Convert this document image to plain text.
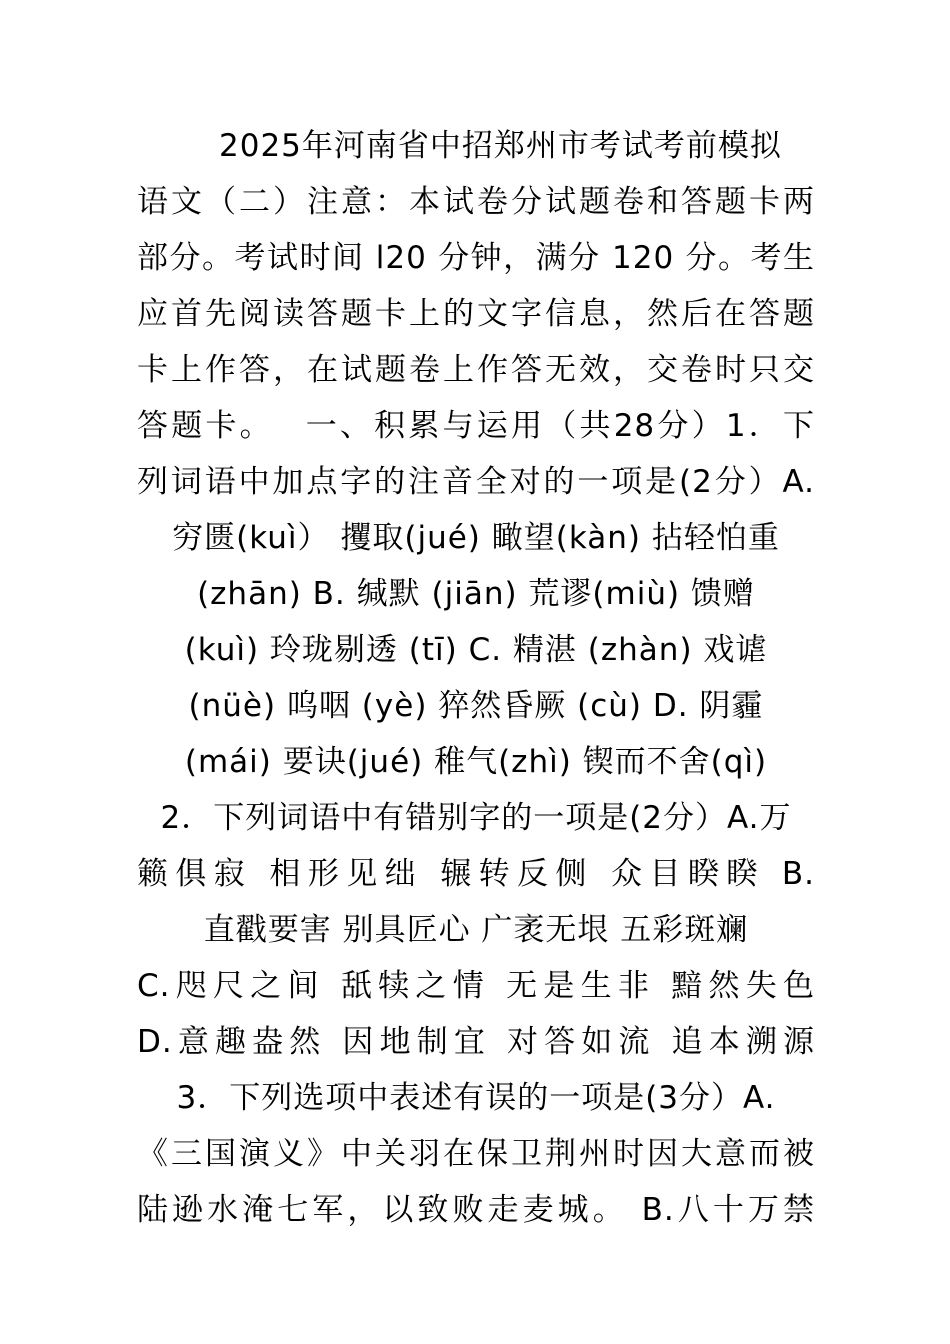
2025年河南省中招郑州市考试考前模拟
语文（二）注意：本试卷分试题卷和答题卡两
部分。考试时间 l20 分钟，满分 120 分。考生
应首先阅读答题卡上的文字信息，然后在答题
卡上作答，在试题卷上作答无效，交卷时只交
答题卡。　 一、积累与运用（共28分）1．下
列词语中加点字的注音全对的一项是(2分）A.
穷匮(kuì） 攫取(jué) 瞰望(kàn) 拈轻怕重
(zhān) B. 缄默 (jiān) 荒谬(miù) 馈赠
(kuì) 玲珑剔透 (tī) C. 精湛 (zhàn) 戏谑
(nüè) 呜咽 (yè) 猝然昏厥 (cù) D. 阴霾
(mái) 要诀(jué) 稚气(zhì) 锲而不舍(qì)
2．下列词语中有错别字的一项是(2分）A.万
籁俱寂 相形见绌 辗转反侧 众目睽睽 B.
直戳要害 别具匠心 广袤无垠 五彩斑斓
C.咫尺之间 舐犊之情 无是生非 黯然失色
D.意趣盎然 因地制宜 对答如流 追本溯源
3．下列选项中表述有误的一项是(3分）A.
《三国演义》中关羽在保卫荆州时因大意而被
陆逊水淹七军，以致败走麦城。 B.八十万禁
